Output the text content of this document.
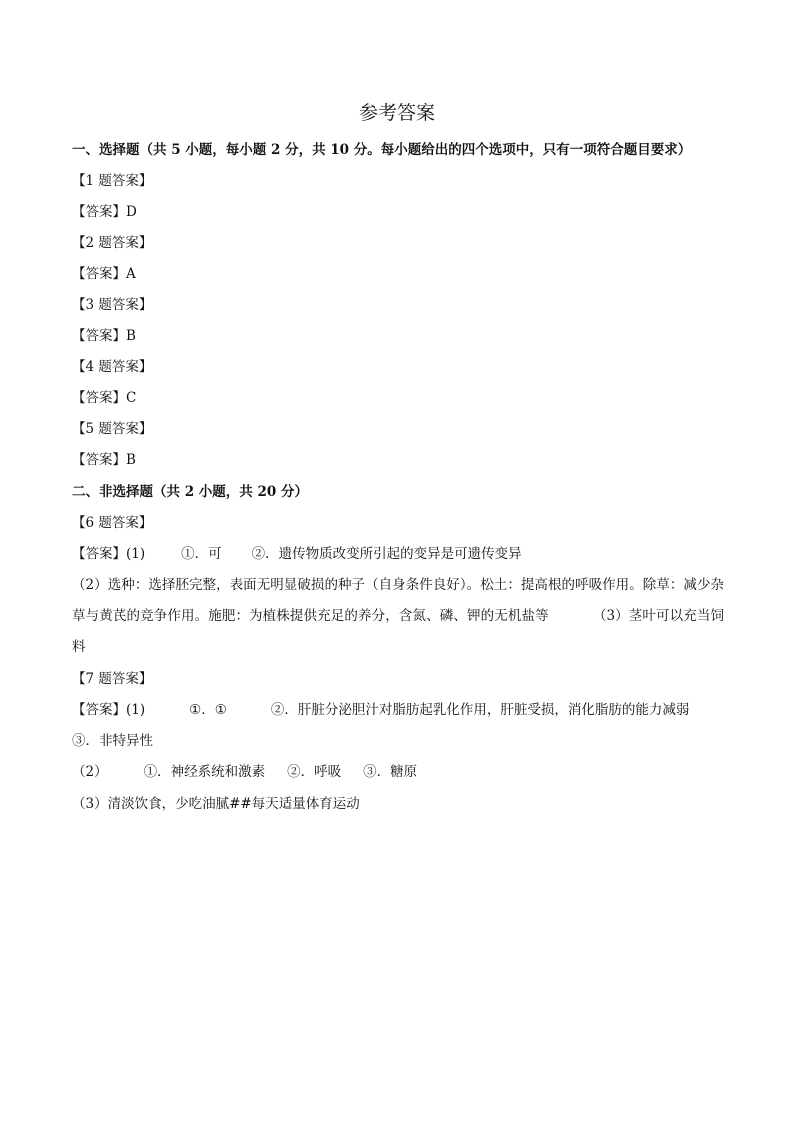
参考答案
一、选择题（共 5 小题，每小题 2 分，共 10 分。每小题给出的四个选项中，只有一项符合题目要求）
【1 题答案】
【答案】D
【2 题答案】
【答案】A
【3 题答案】
【答案】B
【4 题答案】
【答案】C
【5 题答案】
【答案】B
二、非选择题（共 2 小题，共 20 分）
【6 题答案】
【答案】(1)	①．可 ②．遗传物质改变所引起的变异是可遗传变异
（2）选种：选择胚完整，表面无明显破损的种子（自身条件良好）。松土：提高根的呼吸作用。除草：减少杂草与黄芪的竞争作用。施肥：为植株提供充足的养分，含氮、磷、钾的无机盐等	（3）茎叶可以充当饲料
【7 题答案】
【答案】(1)	①．①	②．肝脏分泌胆汁对脂肪起乳化作用，肝脏受损，消化脂肪的能力减弱
③．非特异性
（2）	①．神经系统和激素 ②．呼吸 ③．糖原
（3）清淡饮食，少吃油腻##每天适量体育运动
